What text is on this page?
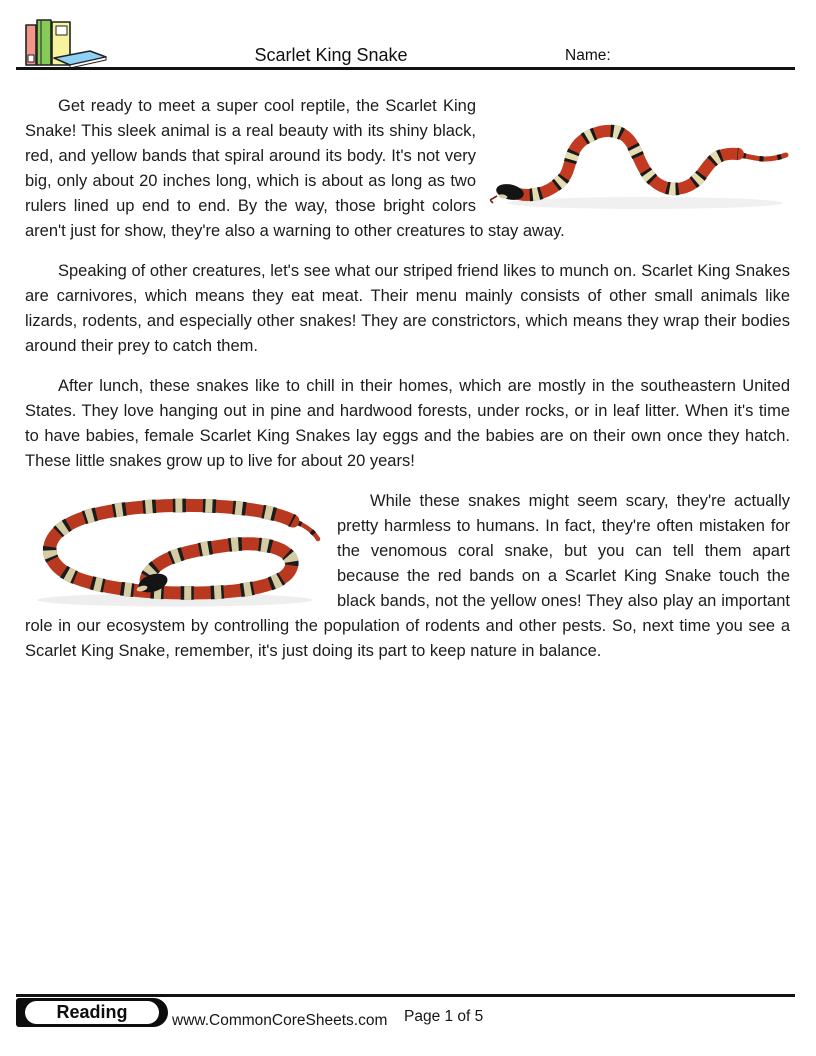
Scarlet King Snake	Name:

Get ready to meet a super cool reptile, the Scarlet King Snake! This sleek animal is a real beauty with its shiny black, red, and yellow bands that spiral around its body. It's not very big, only about 20 inches long, which is about as long as two rulers lined up end to end. By the way, those bright colors aren't just for show, they're also a warning to other creatures to stay away.

Speaking of other creatures, let's see what our striped friend likes to munch on. Scarlet King Snakes are carnivores, which means they eat meat. Their menu mainly consists of other small animals like lizards, rodents, and especially other snakes! They are constrictors, which means they wrap their bodies around their prey to catch them.

After lunch, these snakes like to chill in their homes, which are mostly in the southeastern United States. They love hanging out in pine and hardwood forests, under rocks, or in leaf litter. When it's time to have babies, female Scarlet King Snakes lay eggs and the babies are on their own once they hatch. These little snakes grow up to live for about 20 years!

While these snakes might seem scary, they're actually pretty harmless to humans. In fact, they're often mistaken for the venomous coral snake, but you can tell them apart because the red bands on a Scarlet King Snake touch the black bands, not the yellow ones! They also play an important role in our ecosystem by controlling the population of rodents and other pests. So, next time you see a Scarlet King Snake, remember, it's just doing its part to keep nature in balance.

Reading	www.CommonCoreSheets.com Page 1 of 5
